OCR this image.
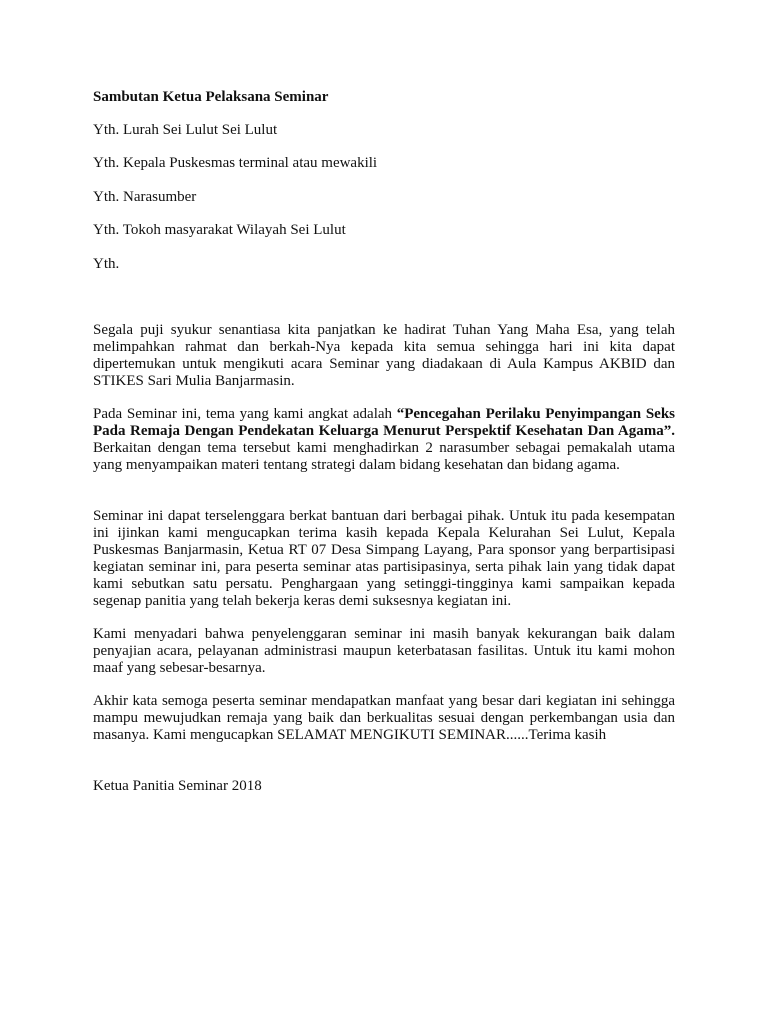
Sambutan Ketua Pelaksana Seminar
Yth. Lurah Sei Lulut Sei Lulut
Yth. Kepala Puskesmas terminal atau mewakili
Yth. Narasumber
Yth. Tokoh masyarakat Wilayah Sei Lulut
Yth.
Segala puji syukur senantiasa kita panjatkan ke hadirat Tuhan Yang Maha Esa, yang telah melimpahkan rahmat dan berkah-Nya kepada kita semua sehingga hari ini kita dapat dipertemukan untuk mengikuti acara Seminar yang diadakaan di Aula Kampus AKBID dan STIKES Sari Mulia Banjarmasin.
Pada Seminar ini, tema yang kami angkat adalah “Pencegahan Perilaku Penyimpangan Seks Pada Remaja Dengan Pendekatan Keluarga Menurut Perspektif Kesehatan Dan Agama”. Berkaitan dengan tema tersebut kami menghadirkan 2 narasumber sebagai pemakalah utama yang menyampaikan materi tentang strategi dalam bidang kesehatan dan bidang agama.
Seminar ini dapat terselenggara berkat bantuan dari berbagai pihak. Untuk itu pada kesempatan ini ijinkan kami mengucapkan terima kasih kepada Kepala Kelurahan Sei Lulut, Kepala Puskesmas Banjarmasin, Ketua RT 07 Desa Simpang Layang, Para sponsor yang berpartisipasi kegiatan seminar ini, para peserta seminar atas partisipasinya, serta pihak lain yang tidak dapat kami sebutkan satu persatu. Penghargaan yang setinggi-tingginya kami sampaikan kepada segenap panitia yang telah bekerja keras demi suksesnya kegiatan ini.
Kami menyadari bahwa penyelenggaran seminar ini masih banyak kekurangan baik dalam penyajian acara, pelayanan administrasi maupun keterbatasan fasilitas. Untuk itu kami mohon maaf yang sebesar-besarnya.
Akhir kata semoga peserta seminar mendapatkan manfaat yang besar dari kegiatan ini sehingga mampu mewujudkan remaja yang baik dan berkualitas sesuai dengan perkembangan usia dan masanya. Kami mengucapkan SELAMAT MENGIKUTI SEMINAR......Terima kasih
Ketua Panitia Seminar 2018
